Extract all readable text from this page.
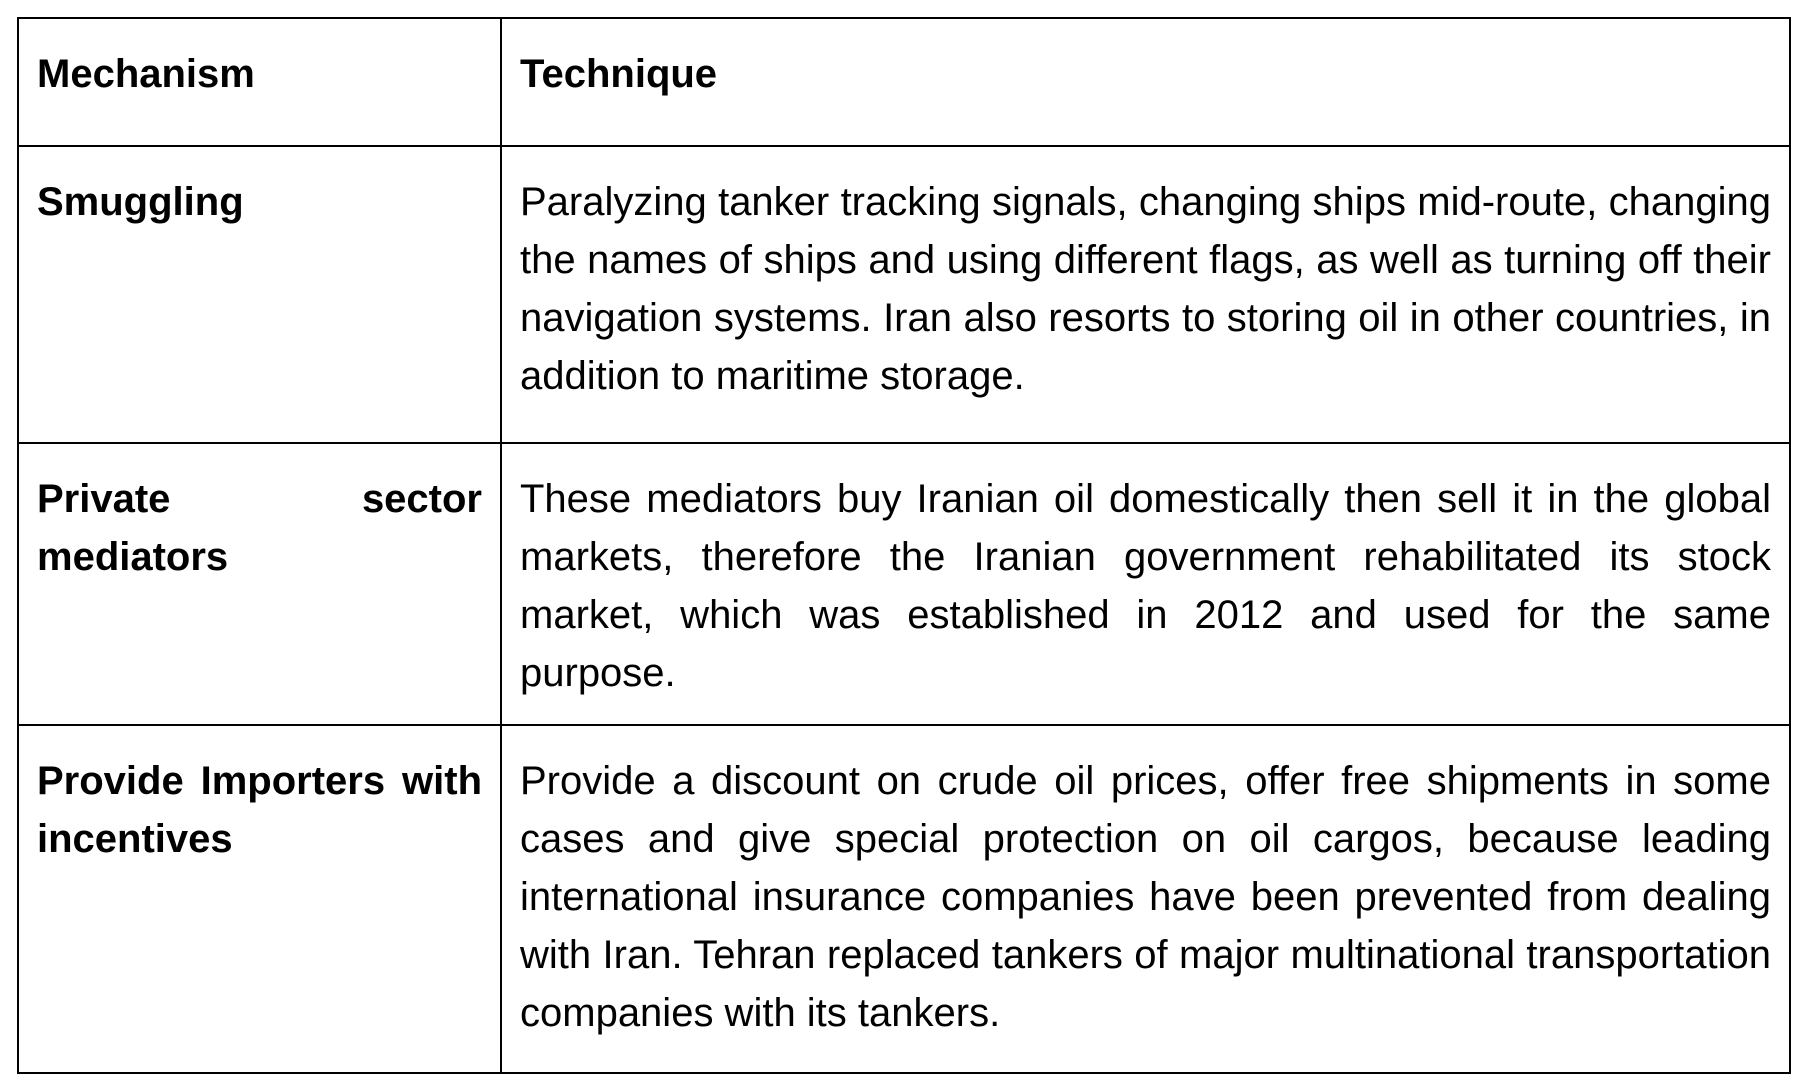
Mechanism	Technique

Smuggling	Paralyzing tanker tracking signals, changing ships mid-route, changing the names of ships and using different flags, as well as turning off their navigation systems. Iran also resorts to storing oil in other countries, in addition to maritime storage.

Private sector mediators	These mediators buy Iranian oil domestically then sell it in the global markets, therefore the Iranian government rehabilitated its stock market, which was established in 2012 and used for the same purpose.

Provide Importers with incentives	Provide a discount on crude oil prices, offer free shipments in some cases and give special protection on oil cargos, because leading international insurance companies have been prevented from dealing with Iran. Tehran replaced tankers of major multinational transportation companies with its tankers.
